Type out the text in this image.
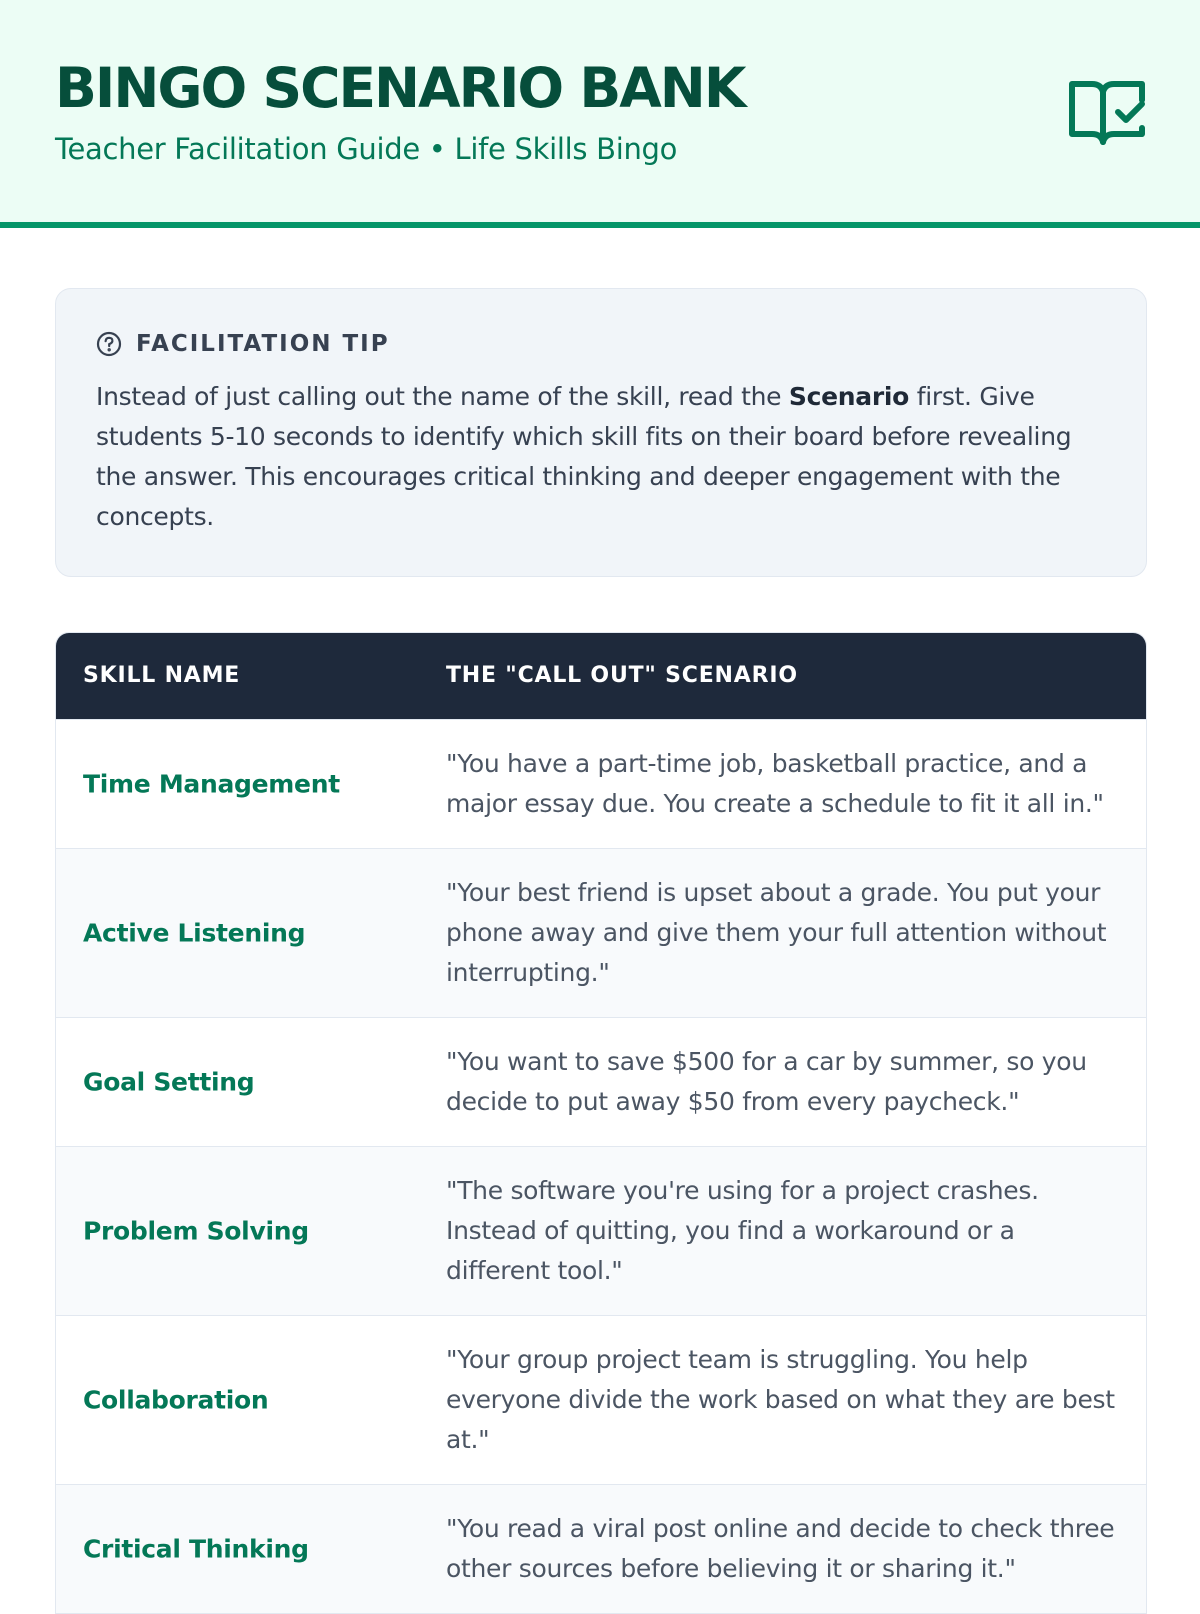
BINGO SCENARIO BANK
Teacher Facilitation Guide • Life Skills Bingo
FACILITATION TIP
Instead of just calling out the name of the skill, read the Scenario first. Give students 5-10 seconds to identify which skill fits on their board before revealing the answer. This encourages critical thinking and deeper engagement with the concepts.
SKILL NAME	THE "CALL OUT" SCENARIO
Time Management
"You have a part-time job, basketball practice, and a major essay due. You create a schedule to fit it all in."
Active Listening
"Your best friend is upset about a grade. You put your phone away and give them your full attention without interrupting."
Goal Setting
"You want to save $500 for a car by summer, so you decide to put away $50 from every paycheck."
Problem Solving
"The software you're using for a project crashes. Instead of quitting, you find a workaround or a different tool."
Collaboration
"Your group project team is struggling. You help everyone divide the work based on what they are best at."
Critical Thinking
"You read a viral post online and decide to check three other sources before believing it or sharing it."
